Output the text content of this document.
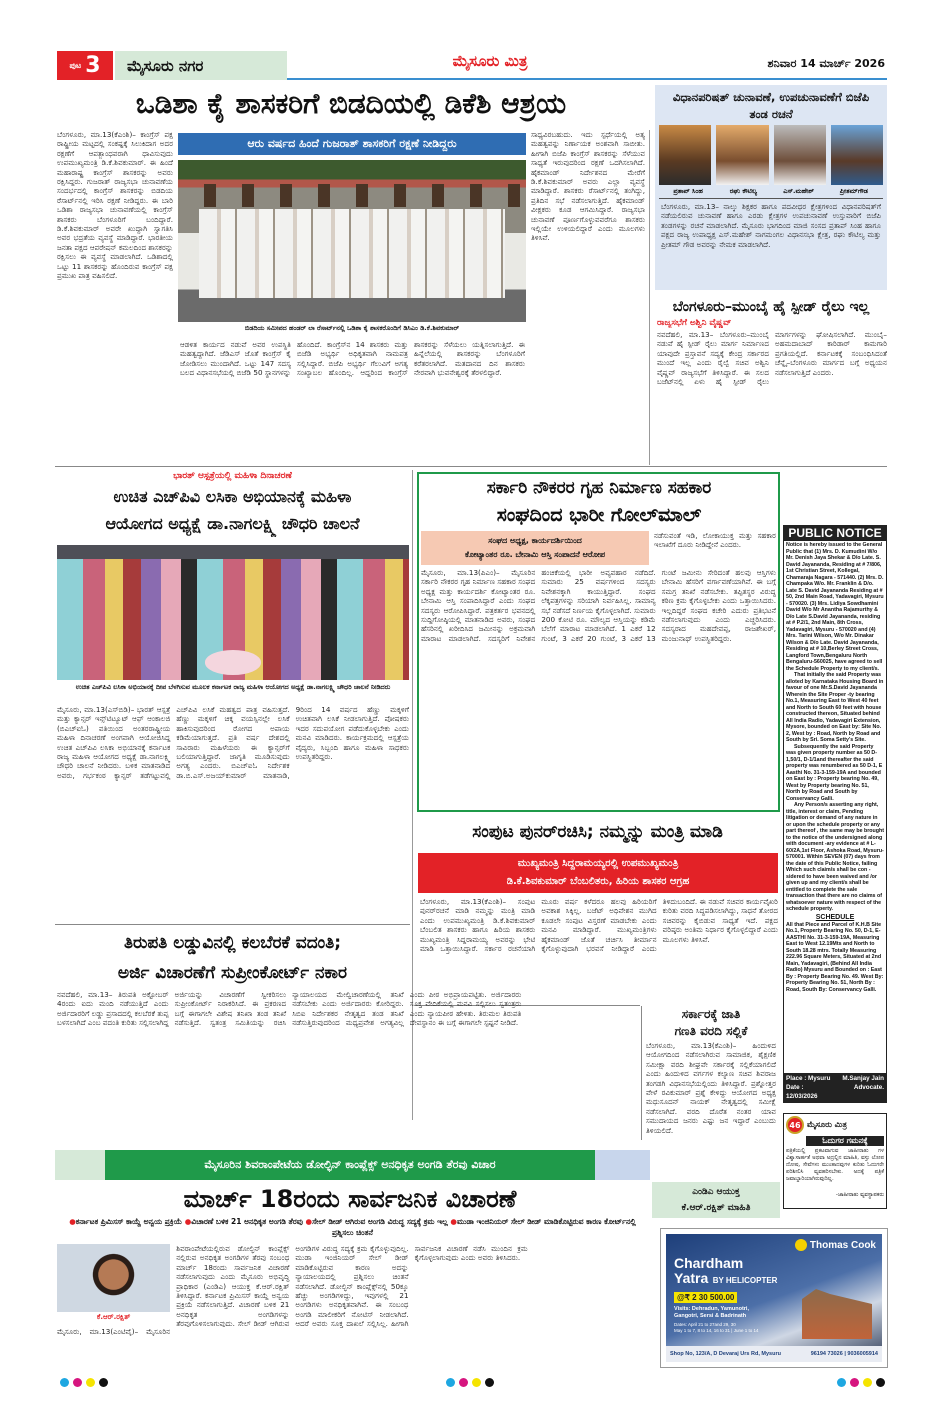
ಪುಟ 3 ಮೈಸೂರು ನಗರ	ಮೈಸೂರು ಮಿತ್ರ	ಶನಿವಾರ 14 ಮಾರ್ಚ್ 2026
ಒಡಿಶಾ ಕೈ ಶಾಸಕರಿಗೆ ಬಿಡದಿಯಲ್ಲಿ ಡಿಕೆಶಿ ಆಶ್ರಯ
ಬೆಂಗಳೂರು, ಮಾ.13(ಕೆಎಂಶಿ)– ಕಾಂಗ್ರೆಸ್ ಪಕ್ಷ ರಾಷ್ಟ್ರೀಯ ಮಟ್ಟದಲ್ಲಿ ಸಂಕಷ್ಟಕ್ಕೆ ಸಿಲುಕಿದಾಗ ಅದರ ರಕ್ಷಣೆಗೆ ಆಪತ್ಬಾಂಧವರಾಗಿ ಧಾವಿಸುವುದು ಉಪಮುಖ್ಯಮಂತ್ರಿ ಡಿ.ಕೆ.ಶಿವಕುಮಾರ್. ಈ ಹಿಂದೆ ಮಹಾರಾಷ್ಟ್ರ ಕಾಂಗ್ರೆಸ್ ಶಾಸಕರನ್ನು ಅವರು ರಕ್ಷಿಸಿದ್ದರು. ಗುಜರಾತ್ ರಾಜ್ಯಸಭಾ ಚುನಾವಣೆಯ ಸಂದರ್ಭದಲ್ಲಿ ಕಾಂಗ್ರೆಸ್ ಶಾಸಕರನ್ನು ಬಿಡದಿಯ ರೆಸಾರ್ಟ್‌ನಲ್ಲಿ ಇರಿಸಿ ರಕ್ಷಣೆ ನೀಡಿದ್ದರು. ಈ ಬಾರಿ ಒಡಿಶಾ ರಾಜ್ಯಸಭಾ ಚುನಾವಣೆಯಲ್ಲಿ ಕಾಂಗ್ರೆಸ್ ಶಾಸಕರು ಬೆಂಗಳೂರಿಗೆ ಬಂದಿದ್ದಾರೆ. ಡಿ.ಕೆ.ಶಿವಕುಮಾರ್ ಅವರೇ ಖುದ್ದಾಗಿ ಸ್ವಾಗತಿಸಿ ಅವರ ಭದ್ರತೆಯ ವ್ಯವಸ್ಥೆ ಮಾಡಿದ್ದಾರೆ. ಭಾರತೀಯ ಜನತಾ ಪಕ್ಷದ ಆಪರೇಷನ್ ಕಮಲದಿಂದ ಶಾಸಕರನ್ನು ರಕ್ಷಿಸಲು ಈ ವ್ಯವಸ್ಥೆ ಮಾಡಲಾಗಿದೆ. ಒಡಿಶಾದಲ್ಲಿ ಒಟ್ಟು 11 ಶಾಸಕರನ್ನು ಹೊಂದಿರುವ ಕಾಂಗ್ರೆಸ್ ಪಕ್ಷ ಪ್ರಮುಖ ಪಾತ್ರ ವಹಿಸಲಿದೆ.
ಆರು ವರ್ಷದ ಹಿಂದೆ ಗುಜರಾತ್ ಶಾಸಕರಿಗೆ ರಕ್ಷಣೆ ನೀಡಿದ್ದರು
ಬಿಡದಿಯ ಸಮೀಪದ ಹಂಡರ್ ಲಾ ರೆಸಾರ್ಟ್‌ನಲ್ಲಿ ಒಡಿಶಾ ಕೈ ಶಾಸಕರೊಂದಿಗೆ ಡಿಸಿಎಂ ಡಿ.ಕೆ.ಶಿವಕುಮಾರ್
ಆಡಳಿತ ಕಾರ್ಯದ ನಡುವೆ ಅವರ ಉಪಸ್ಥಿತಿ ಮಹತ್ವದ್ದಾಗಿದೆ. ಜೆಡಿಎಸ್ ಜೊತೆ ಕಾಂಗ್ರೆಸ್ ಕೈ ಜೋಡಿಸಲು ಮುಂದಾಗಿದೆ. ಒಟ್ಟು 147 ಸದಸ್ಯ ಬಲದ ವಿಧಾನಸಭೆಯಲ್ಲಿ ಬಿಜೆಡಿ 50 ಸ್ಥಾನಗಳನ್ನು ಹೊಂದಿದೆ. ಕಾಂಗ್ರೆಸ್‌ನ 14 ಶಾಸಕರು ಮತ್ತು ಬಿಜೆಡಿ ಅಭ್ಯರ್ಥಿ ಅಧಿಕೃತವಾಗಿ ನಾಮಪತ್ರ ಸಲ್ಲಿಸಿದ್ದಾರೆ. ಬಿಜೆಪಿ ಅಭ್ಯರ್ಥಿ ಗೆಲುವಿಗೆ ಅಗತ್ಯ ಸಂಖ್ಯಾಬಲ ಹೊಂದಿಲ್ಲ. ಆದ್ದರಿಂದ ಕಾಂಗ್ರೆಸ್ ಶಾಸಕರನ್ನು ಸೆಳೆಯಲು ಯತ್ನಿಸಲಾಗುತ್ತಿದೆ. ಈ ಹಿನ್ನೆಲೆಯಲ್ಲಿ ಶಾಸಕರನ್ನು ಬೆಂಗಳೂರಿಗೆ ಕರೆತರಲಾಗಿದೆ. ಮತದಾನದ ದಿನ ಶಾಸಕರು ನೇರವಾಗಿ ಭುವನೇಶ್ವರಕ್ಕೆ ತೆರಳಲಿದ್ದಾರೆ.
ಸಾಧ್ಯವಿರಬಹುದು. ಇದು ಸ್ಪರ್ಧೆಯಲ್ಲಿ ಅತ್ಯ ಮಹತ್ವವನ್ನು ನಿರ್ಣಾಯಕ ಅಂಶವಾಗಿ ಸಾಬೀತು. ಹೀಗಾಗಿ ಬಿಜೆಪಿ ಕಾಂಗ್ರೆಸ್ ಶಾಸಕರನ್ನು ಸೆಳೆಯುವ ಸಾಧ್ಯತೆ ಇರುವುದರಿಂದ ರಕ್ಷಣೆ ಒದಗಿಸಲಾಗಿದೆ. ಹೈಕಮಾಂಡ್ ನಿರ್ದೇಶನದ ಮೇರೆಗೆ ಡಿ.ಕೆ.ಶಿವಕುಮಾರ್ ಅವರು ಎಲ್ಲಾ ವ್ಯವಸ್ಥೆ ಮಾಡಿದ್ದಾರೆ. ಶಾಸಕರು ರೆಸಾರ್ಟ್‌ನಲ್ಲಿ ತಂಗಿದ್ದು, ಪ್ರತಿದಿನ ಸಭೆ ನಡೆಸಲಾಗುತ್ತಿದೆ. ಹೈಕಮಾಂಡ್ ವೀಕ್ಷಕರು ಕೂಡ ಆಗಮಿಸಿದ್ದಾರೆ. ರಾಜ್ಯಸಭಾ ಚುನಾವಣೆ ಪೂರ್ಣಗೊಳ್ಳುವವರೆಗೂ ಶಾಸಕರು ಇಲ್ಲಿಯೇ ಉಳಿಯಲಿದ್ದಾರೆ ಎಂದು ಮೂಲಗಳು ತಿಳಿಸಿವೆ.
ವಿಧಾನಪರಿಷತ್ ಚುನಾವಣೆ, ಉಪಚುನಾವಣೆಗೆ ಬಿಜೆಪಿ ತಂಡ ರಚನೆ
ಪ್ರತಾಪ್ ಸಿಂಹ	ರಘು ಕೌಟಿಲ್ಯ	ಎಸ್.ಮಹೇಶ್	ಪ್ರೀತಮ್‌ಗೌಡ
ಬೆಂಗಳೂರು, ಮಾ.13– ನಾಲ್ಕು ಶಿಕ್ಷಕರ ಹಾಗೂ ಪದವೀಧರ ಕ್ಷೇತ್ರಗಳಿಂದ ವಿಧಾನಪರಿಷತ್‌ಗೆ ನಡೆಯಲಿರುವ ಚುನಾವಣೆ ಹಾಗೂ ಎರಡು ಕ್ಷೇತ್ರಗಳ ಉಪಚುನಾವಣೆ ಉಸ್ತುವಾರಿಗೆ ಬಿಜೆಪಿ ತಂಡಗಳನ್ನು ರಚನೆ ಮಾಡಲಾಗಿದೆ. ಮೈಸೂರು ಭಾಗದಿಂದ ಮಾಜಿ ಸಂಸದ ಪ್ರತಾಪ್ ಸಿಂಹ ಹಾಗೂ ಪಕ್ಷದ ರಾಜ್ಯ ಉಪಾಧ್ಯಕ್ಷ ಎಸ್.ಮಹೇಶ್ ನಾಗಮಂಗಲ ವಿಧಾನಸಭಾ ಕ್ಷೇತ್ರ, ರಘು ಕೌಟಿಲ್ಯ ಮತ್ತು ಪ್ರೀತಮ್ ಗೌಡ ಅವರನ್ನು ನೇಮಕ ಮಾಡಲಾಗಿದೆ.
ಬೆಂಗಳೂರು–ಮುಂಬೈ ಹೈ ಸ್ಪೀಡ್ ರೈಲು ಇಲ್ಲ
ರಾಜ್ಯಸಭೆಗೆ ಅಶ್ವಿನಿ ವೈಷ್ಣವ್
ನವದೆಹಲಿ, ಮಾ.13– ಬೆಂಗಳೂರು–ಮುಂಬೈ ನಡುವೆ ಹೈ ಸ್ಪೀಡ್ ರೈಲು ಮಾರ್ಗ ನಿರ್ಮಾಣದ ಯಾವುದೇ ಪ್ರಸ್ತಾವನೆ ಸದ್ಯಕ್ಕೆ ಕೇಂದ್ರ ಸರ್ಕಾರದ ಮುಂದೆ ಇಲ್ಲ ಎಂದು ರೈಲ್ವೆ ಸಚಿವ ಅಶ್ವಿನಿ ವೈಷ್ಣವ್ ರಾಜ್ಯಸಭೆಗೆ ತಿಳಿಸಿದ್ದಾರೆ. ಈ ಸಲದ ಬಜೆಟ್‌ನಲ್ಲಿ ಏಳು ಹೈ ಸ್ಪೀಡ್ ರೈಲು ಮಾರ್ಗಗಳನ್ನು ಘೋಷಿಸಲಾಗಿದೆ. ಮುಂಬೈ–ಅಹಮದಾಬಾದ್ ಕಾರಿಡಾರ್ ಕಾಮಗಾರಿ ಪ್ರಗತಿಯಲ್ಲಿದೆ. ಕರ್ನಾಟಕಕ್ಕೆ ಸಂಬಂಧಿಸಿದಂತೆ ಚೆನ್ನೈ–ಬೆಂಗಳೂರು ಮಾರ್ಗದ ಬಗ್ಗೆ ಅಧ್ಯಯನ ನಡೆಸಲಾಗುತ್ತಿದೆ ಎಂದರು.
ಭಾರತ್ ಆಸ್ಪತ್ರೆಯಲ್ಲಿ ಮಹಿಳಾ ದಿನಾಚರಣೆ
ಉಚಿತ ಎಚ್‌ಪಿವಿ ಲಸಿಕಾ ಅಭಿಯಾನಕ್ಕೆ ಮಹಿಳಾ
ಆಯೋಗದ ಅಧ್ಯಕ್ಷೆ ಡಾ.ನಾಗಲಕ್ಷ್ಮಿ ಚೌಧರಿ ಚಾಲನೆ
ಉಚಿತ ಎಚ್‌ಪಿವಿ ಲಸಿಕಾ ಅಭಿಯಾನಕ್ಕೆ ದೀಪ ಬೆಳಗಿಸುವ ಮೂಲಕ ಕರ್ನಾಟಕ ರಾಜ್ಯ ಮಹಿಳಾ ಆಯೋಗದ ಅಧ್ಯಕ್ಷೆ ಡಾ.ನಾಗಲಕ್ಷ್ಮಿ ಚೌಧರಿ ಚಾಲನೆ ನೀಡಿದರು
ಮೈಸೂರು, ಮಾ.13(ಎಸ್‌ಬಿಡಿ)– ಭಾರತ್ ಆಸ್ಪತ್ರೆ ಮತ್ತು ಕ್ಯಾನ್ಸರ್ ಇನ್ಸ್‌ಟಿಟ್ಯೂಟ್ ಆಫ್ ಆಂಕಾಲಜಿ (ಬಿಎಚ್‌ಐಓ) ವತಿಯಿಂದ ಅಂತರರಾಷ್ಟ್ರೀಯ ಮಹಿಳಾ ದಿನಾಚರಣೆ ಅಂಗವಾಗಿ ಆಯೋಜಿಸಿದ್ದ ಉಚಿತ ಎಚ್‌ಪಿವಿ ಲಸಿಕಾ ಅಭಿಯಾನಕ್ಕೆ ಕರ್ನಾಟಕ ರಾಜ್ಯ ಮಹಿಳಾ ಆಯೋಗದ ಅಧ್ಯಕ್ಷೆ ಡಾ.ನಾಗಲಕ್ಷ್ಮಿ ಚೌಧರಿ ಚಾಲನೆ ನೀಡಿದರು. ಬಳಿಕ ಮಾತನಾಡಿದ ಅವರು, ಗರ್ಭಕಂಠ ಕ್ಯಾನ್ಸರ್ ತಡೆಗಟ್ಟುವಲ್ಲಿ ಎಚ್‌ಪಿವಿ ಲಸಿಕೆ ಮಹತ್ವದ ಪಾತ್ರ ವಹಿಸುತ್ತದೆ. ಹೆಣ್ಣು ಮಕ್ಕಳಿಗೆ ಚಿಕ್ಕ ವಯಸ್ಸಿನಲ್ಲೇ ಲಸಿಕೆ ಹಾಕಿಸುವುದರಿಂದ ರೋಗದ ಅಪಾಯ ಕಡಿಮೆಯಾಗುತ್ತದೆ. ಪ್ರತಿ ವರ್ಷ ದೇಶದಲ್ಲಿ ಸಾವಿರಾರು ಮಹಿಳೆಯರು ಈ ಕ್ಯಾನ್ಸರ್‌ಗೆ ಬಲಿಯಾಗುತ್ತಿದ್ದಾರೆ. ಜಾಗೃತಿ ಮೂಡಿಸುವುದು ಅಗತ್ಯ ಎಂದರು. ಬಿಎಚ್‌ಐಓ ನಿರ್ದೇಶಕ ಡಾ.ಬಿ.ಎಸ್.ಅಜಯ್‌ಕುಮಾರ್ ಮಾತನಾಡಿ, 9ರಿಂದ 14 ವರ್ಷದ ಹೆಣ್ಣು ಮಕ್ಕಳಿಗೆ ಉಚಿತವಾಗಿ ಲಸಿಕೆ ನೀಡಲಾಗುತ್ತಿದೆ. ಪೋಷಕರು ಇದರ ಸದುಪಯೋಗ ಪಡೆದುಕೊಳ್ಳಬೇಕು ಎಂದು ಮನವಿ ಮಾಡಿದರು. ಕಾರ್ಯಕ್ರಮದಲ್ಲಿ ಆಸ್ಪತ್ರೆಯ ವೈದ್ಯರು, ಸಿಬ್ಬಂದಿ ಹಾಗೂ ಮಹಿಳಾ ಸಾಧಕರು ಉಪಸ್ಥಿತರಿದ್ದರು.
ಸರ್ಕಾರಿ ನೌಕರರ ಗೃಹ ನಿರ್ಮಾಣ ಸಹಕಾರ
ಸಂಘದಿಂದ ಭಾರೀ ಗೋಲ್‌ಮಾಲ್
ಸಂಘದ ಅಧ್ಯಕ್ಷ, ಕಾರ್ಯದರ್ಶಿಯಿಂದ
ಕೋಟ್ಯಾಂತರ ರೂ. ಬೇನಾಮಿ ಆಸ್ತಿ ಸಂಪಾದನೆ ಆರೋಪ
ನಡೆಸುವಂತೆ ಇಡಿ, ಲೋಕಾಯುಕ್ತ ಮತ್ತು ಸಹಕಾರ ಇಲಾಖೆಗೆ ದೂರು ನೀಡಿದ್ದೇನೆ ಎಂದರು.
ಮೈಸೂರು, ಮಾ.13(ಪಿಎಂ)– ಮೈಸೂರಿನ ಸರ್ಕಾರಿ ನೌಕರರ ಗೃಹ ನಿರ್ಮಾಣ ಸಹಕಾರ ಸಂಘದ ಅಧ್ಯಕ್ಷ ಮತ್ತು ಕಾರ್ಯದರ್ಶಿ ಕೋಟ್ಯಾಂತರ ರೂ. ಬೇನಾಮಿ ಆಸ್ತಿ ಸಂಪಾದಿಸಿದ್ದಾರೆ ಎಂದು ಸಂಘದ ಸದಸ್ಯರು ಆರೋಪಿಸಿದ್ದಾರೆ. ಪತ್ರಕರ್ತರ ಭವನದಲ್ಲಿ ಸುದ್ದಿಗೋಷ್ಠಿಯಲ್ಲಿ ಮಾತನಾಡಿದ ಅವರು, ಸಂಘದ ಹೆಸರಿನಲ್ಲಿ ಖರೀದಿಸಿದ ಜಮೀನನ್ನು ಅಕ್ರಮವಾಗಿ ಮಾರಾಟ ಮಾಡಲಾಗಿದೆ. ಸದಸ್ಯರಿಗೆ ನಿವೇಶನ ಹಂಚಿಕೆಯಲ್ಲಿ ಭಾರೀ ಅವ್ಯವಹಾರ ನಡೆದಿದೆ. ಸುಮಾರು 25 ವರ್ಷಗಳಿಂದ ಸದಸ್ಯರು ನಿವೇಶನಕ್ಕಾಗಿ ಕಾಯುತ್ತಿದ್ದಾರೆ. ಸಂಘದ ಲೆಕ್ಕಪತ್ರಗಳನ್ನು ಸರಿಯಾಗಿ ನಿರ್ವಹಿಸಿಲ್ಲ. ಸಾಮಾನ್ಯ ಸಭೆ ನಡೆಸದೆ ನಿರ್ಣಯ ಕೈಗೊಳ್ಳಲಾಗಿದೆ. ಸುಮಾರು 200 ಕೋಟಿ ರೂ. ಮೌಲ್ಯದ ಆಸ್ತಿಯನ್ನು ಕಡಿಮೆ ಬೆಲೆಗೆ ಮಾರಾಟ ಮಾಡಲಾಗಿದೆ. 1 ಎಕರೆ 12 ಗುಂಟೆ, 3 ಎಕರೆ 20 ಗುಂಟೆ, 3 ಎಕರೆ 13 ಗುಂಟೆ ಜಮೀನು ಸೇರಿದಂತೆ ಹಲವು ಆಸ್ತಿಗಳು ಬೇನಾಮಿ ಹೆಸರಿಗೆ ವರ್ಗಾವಣೆಯಾಗಿವೆ. ಈ ಬಗ್ಗೆ ಸಮಗ್ರ ತನಿಖೆ ನಡೆಸಬೇಕು. ತಪ್ಪಿತಸ್ಥರ ವಿರುದ್ಧ ಕಠಿಣ ಕ್ರಮ ಕೈಗೊಳ್ಳಬೇಕು ಎಂದು ಒತ್ತಾಯಿಸಿದರು. ಇಲ್ಲದಿದ್ದರೆ ಸಂಘದ ಕಚೇರಿ ಎದುರು ಪ್ರತಿಭಟನೆ ನಡೆಸಲಾಗುವುದು ಎಂದು ಎಚ್ಚರಿಸಿದರು. ಸದಸ್ಯರಾದ ಮಹದೇವಪ್ಪ, ರಾಜಶೇಖರ್, ಮಂಜುನಾಥ್ ಉಪಸ್ಥಿತರಿದ್ದರು.
PUBLIC NOTICE

Notice is hereby issued to the General Public that (1) Mrs. D. Kumudini W/o Mr. Denish Jaya Shekar & D/o Late. S. David Jayananda, Residing at # 7/806, 1st Christian Street, Kollegal, Chamaraja Nagara - 571440. (2) Mrs. D. Champaka W/o. Mr. Franklin & D/o. Late S. David Jayananda Residing at # 50, 2nd Main Road, Yadavagiri, Mysuru - 570020. (3) Mrs. Lidiya Sowdhamini David W/o Mr Anantha Rajamurthy & D/o Late S.David Jayananda, residing at # P.2/1, 2nd Main, 8th Cross, Yadavagiri, Mysuru - 570020 and (4) Mrs. Tarini Wilson, W/o Mr. Dinakar Wilson & D/o Late. David Jayananda, Residing at # 10,Berley Street Cross, Langford Town,Bengaluru North Bengaluru-560025, have agreed to sell the Schedule Property to my client/s.

That initially the said Property was alloted by Karnataka Housing Board in favour of one Mr.S.David Jayananda Wherein the Site Proper -ty bearing No.1, Measuring East to West 40 feet and North to South 60 feet with house constructed thereon, Situated behind All India Radio, Yadavagiri Extension, Mysore, bounded on East by: Site No. 2, West by : Road, North by Road and South by Sri. Soma Setty's Site.

Subsequently the said Property was given property number as 50 D-1,50/1, D-1/1and thereafter the said property was renumbered as 50 D-1, E Aasthi No. 31-3-159-19A and bounded on East by : Property bearing No. 49, West by Property bearing No. 51, North by Road and South by Conservancy Galli.

Any Person/s asserting any right, title, interest or claim, Pending litigation or demand of any nature in or upon the schedule property or any part thereof , the same may be brought to the notice of the undersigned along with document -ary evidence at # L-60/2A,1st Floor, Ashoka Road, Mysuru-570001. Within SEVEN (07) days from the date of this Public Notice, failing Which such claim/s shall be con -sidered to have been waived and /or given up and my client/s shall be entitled to complete the sale transaction that there are no claims of whatsoever nature with respect of the schedule property.

SCHEDULE

All that Piece and Parcel of K.H.B Site No.1, Property Bearing No. 50, D-1, E-AASTHI No. 31-3-159-19A, Measuring East to West 12.19Mts and North to South 18.28 mtrs. Totally Measuring 222.96 Square Meters, Situated at 2nd Main, Yadavagiri, (Behind All India Radio) Mysuru and Bounded on : East By : Property Bearing No. 49. West By: Property Bearing No. 51, North By : Road, South By: Conservancy Galli.

Place : Mysuru	M.Sanjay Jain
Date : 12/03/2026
Advocate.
ಸಂಪುಟ ಪುನರ್‌ರಚಿಸಿ; ನಮ್ಮನ್ನು ಮಂತ್ರಿ ಮಾಡಿ
ಮುಖ್ಯಮಂತ್ರಿ ಸಿದ್ದರಾಮಯ್ಯರಲ್ಲಿ ಉಪಮುಖ್ಯಮಂತ್ರಿ
ಡಿ.ಕೆ.ಶಿವಕುಮಾರ್ ಬೆಂಬಲಿತರು, ಹಿರಿಯ ಶಾಸಕರ ಆಗ್ರಹ
ಬೆಂಗಳೂರು, ಮಾ.13(ಕೆಎಂಶಿ)– ಸಂಪುಟ ಪುನರ್‌ರಚನೆ ಮಾಡಿ ನಮ್ಮನ್ನು ಮಂತ್ರಿ ಮಾಡಿ ಎಂದು ಉಪಮುಖ್ಯಮಂತ್ರಿ ಡಿ.ಕೆ.ಶಿವಕುಮಾರ್ ಬೆಂಬಲಿತ ಶಾಸಕರು ಹಾಗೂ ಹಿರಿಯ ಶಾಸಕರು ಮುಖ್ಯಮಂತ್ರಿ ಸಿದ್ದರಾಮಯ್ಯ ಅವರನ್ನು ಭೇಟಿ ಮಾಡಿ ಒತ್ತಾಯಿಸಿದ್ದಾರೆ. ಸರ್ಕಾರ ರಚನೆಯಾಗಿ ಮೂರು ವರ್ಷ ಕಳೆದರೂ ಹಲವು ಹಿರಿಯರಿಗೆ ಅವಕಾಶ ಸಿಕ್ಕಿಲ್ಲ. ಬಜೆಟ್ ಅಧಿವೇಶನ ಮುಗಿದ ಕೂಡಲೇ ಸಂಪುಟ ವಿಸ್ತರಣೆ ಮಾಡಬೇಕು ಎಂದು ಮನವಿ ಮಾಡಿದ್ದಾರೆ. ಮುಖ್ಯಮಂತ್ರಿಗಳು ಹೈಕಮಾಂಡ್ ಜೊತೆ ಚರ್ಚಿಸಿ ತೀರ್ಮಾನ ಕೈಗೊಳ್ಳುವುದಾಗಿ ಭರವಸೆ ನೀಡಿದ್ದಾರೆ ಎಂದು ತಿಳಿದುಬಂದಿದೆ. ಈ ನಡುವೆ ಸಚಿವರ ಕಾರ್ಯವೈಖರಿ ಕುರಿತು ವರದಿ ಸಿದ್ಧಪಡಿಸಲಾಗಿದ್ದು, ಸಾಧನೆ ತೋರದ ಸಚಿವರನ್ನು ಕೈಬಿಡುವ ಸಾಧ್ಯತೆ ಇದೆ. ಪಕ್ಷದ ವರಿಷ್ಠರು ಅಂತಿಮ ನಿರ್ಧಾರ ಕೈಗೊಳ್ಳಲಿದ್ದಾರೆ ಎಂದು ಮೂಲಗಳು ತಿಳಿಸಿವೆ.
ತಿರುಪತಿ ಲಡ್ಡುವಿನಲ್ಲಿ ಕಲಬೆರಕೆ ವದಂತಿ;
ಅರ್ಜಿ ವಿಚಾರಣೆಗೆ ಸುಪ್ರೀಂಕೋರ್ಟ್ ನಕಾರ
ನವದೆಹಲಿ, ಮಾ.13– ತಿರುಪತಿ ಅಕ್ಟೋಬರ್ 4ರಂದು ಐದು ಮಂದಿ ನಡೆಯುತ್ತಿದೆ ಎಂದು ಅರ್ಜಿದಾರರಿಗೆ ಲಡ್ಡು ಪ್ರಸಾದದಲ್ಲಿ ಕಲಬೆರಕೆ ತುಪ್ಪ ಬಳಸಲಾಗಿದೆ ಎಂಬ ವದಂತಿ ಕುರಿತು ಸಲ್ಲಿಸಲಾಗಿದ್ದ ಅರ್ಜಿಯನ್ನು ವಿಚಾರಣೆಗೆ ಸ್ವೀಕರಿಸಲು ಸುಪ್ರೀಂಕೋರ್ಟ್ ನಿರಾಕರಿಸಿದೆ. ಈ ಪ್ರಕರಣದ ಬಗ್ಗೆ ಈಗಾಗಲೇ ವಿಶೇಷ ತನಿಖಾ ತಂಡ ತನಿಖೆ ನಡೆಸುತ್ತಿದೆ. ಸ್ವತಂತ್ರ ಸಮಿತಿಯನ್ನು ರಚಿಸಿ ನ್ಯಾಯಾಲಯದ ಮೇಲ್ವಿಚಾರಣೆಯಲ್ಲಿ ತನಿಖೆ ನಡೆಸಬೇಕು ಎಂದು ಅರ್ಜಿದಾರರು ಕೋರಿದ್ದರು. ಸಿಬಿಐ ನಿರ್ದೇಶಕರ ನೇತೃತ್ವದ ತಂಡ ತನಿಖೆ ನಡೆಸುತ್ತಿರುವುದರಿಂದ ಮಧ್ಯಪ್ರವೇಶ ಅಗತ್ಯವಿಲ್ಲ ಎಂದು ಪೀಠ ಅಭಿಪ್ರಾಯಪಟ್ಟಿತು. ಅರ್ಜಿದಾರರು ಸೂಕ್ತ ವೇದಿಕೆಯಲ್ಲಿ ಮನವಿ ಸಲ್ಲಿಸಲು ಸ್ವತಂತ್ರರು ಎಂದು ನ್ಯಾಯಪೀಠ ಹೇಳಿತು. ತಿರುಮಲ ತಿರುಪತಿ ದೇವಸ್ಥಾನಂ ಈ ಬಗ್ಗೆ ಈಗಾಗಲೇ ಸ್ಪಷ್ಟನೆ ನೀಡಿದೆ.
ಸರ್ಕಾರಕ್ಕೆ ಜಾತಿ
ಗಣತಿ ವರದಿ ಸಲ್ಲಿಕೆ
ಬೆಂಗಳೂರು, ಮಾ.13(ಕೆಎಂಶಿ)– ಹಿಂದುಳಿದ ಆಯೋಗದಿಂದ ನಡೆಸಲಾಗಿರುವ ಸಾಮಾಜಿಕ, ಶೈಕ್ಷಣಿಕ ಸಮೀಕ್ಷಾ ವರದಿ ಶೀಘ್ರವೇ ಸರ್ಕಾರಕ್ಕೆ ಸಲ್ಲಿಕೆಯಾಗಲಿದೆ ಎಂದು ಹಿಂದುಳಿದ ವರ್ಗಗಳ ಕಲ್ಯಾಣ ಸಚಿವ ಶಿವರಾಜ ತಂಗಡಗಿ ವಿಧಾನಸಭೆಯಲ್ಲಿಂದು ತಿಳಿಸಿದ್ದಾರೆ. ಪ್ರಶ್ನೋತ್ತರ ವೇಳೆ ರವಿಕುಮಾರ್ ಪ್ರಶ್ನೆ ಕೇಳಿದ್ದು ಆಯೋಗದ ಅಧ್ಯಕ್ಷ ಮಧುಸೂದನ್ ನಾಯಕ್ ನೇತೃತ್ವದಲ್ಲಿ ಸಮೀಕ್ಷೆ ನಡೆಸಲಾಗಿದೆ. ವರದಿ ದೊರೆತ ನಂತರ ಯಾವ ಸಮುದಾಯದ ಜನರು ಎಷ್ಟು ಜನ ಇದ್ದಾರೆ ಎಂಬುದು ತಿಳಿಯಲಿದೆ.
46 ಮೈಸೂರು ಮಿತ್ರ
ಓದುಗರ ಗಮನಕ್ಕೆ
ಪತ್ರಿಕೆಯಲ್ಲಿ ಪ್ರಕಟವಾಗುವ ಜಾಹೀರಾತು ಗಳ ವಿಶ್ವಾಸಾರ್ಹತೆ ಅಥವಾ ಅದ್ರಲ್ಲಿನ ಮಾಹಿತಿ, ವಸ್ತು ಲೋಪ ದೋಷ, ಸೇವೆಗಳು ಮುಂತಾದವುಗಳ ಕುರಿತು ಓದುಗರೇ ಪರಿಶೀಲಿಸಿ ವ್ಯವಹರಿಸಬೇಕು. ಅದಕ್ಕೆ ಪತ್ರಿಕೆ ಜವಾಬ್ದಾರಿಯಾಗಿರುವುದಿಲ್ಲ.
-ಜಾಹೀರಾತು ವ್ಯವಸ್ಥಾಪಕರು
ಮೈಸೂರಿನ ಶಿವರಾಂಪೇಟೆಯ ಡೋಲ್ಫಿನ್ ಕಾಂಪ್ಲೆಕ್ಸ್ ಅನಧಿಕೃತ ಅಂಗಡಿ ತೆರವು ವಿಚಾರ
ಮಾರ್ಚ್ 18ರಂದು ಸಾರ್ವಜನಿಕ ವಿಚಾರಣೆ
●ಕರ್ನಾಟಕ ಪ್ರಿಮಿಸಸ್ ಕಾಯ್ದೆ ಅನ್ವಯ ಪ್ರಕ್ರಿಯೆ ●ವಿಚಾರಣೆ ಬಳಿಕ 21 ಅನಧಿಕೃತ ಅಂಗಡಿ ತೆರವು ●ಸೇಲ್ ಡೀಡ್ ಆಗಿರುವ ಅಂಗಡಿ ವಿರುದ್ಧ ಸದ್ಯಕ್ಕೆ ಕ್ರಮ ಇಲ್ಲ ●ಮುಡಾ ಇಂಜಿನಿಯರ್ ಸೇಲ್ ಡೀಡ್ ಮಾಡಿಕೊಟ್ಟಿರುವ ಕಾರಣ ಕೋರ್ಟ್‌ನಲ್ಲಿ ಪ್ರಶ್ನಿಸಲು ಚಿಂತನೆ
ಎಂಡಿಎ ಆಯುಕ್ತ
ಕೆ.ಆರ್.ರಕ್ಷಿತ್ ಮಾಹಿತಿ
ಕೆ.ಆರ್.ರಕ್ಷಿತ್
ಮೈಸೂರು, ಮಾ.13(ಎಂಟಿವೈ)– ಮೈಸೂರಿನ ಶಿವರಾಂಪೇಟೆಯಲ್ಲಿರುವ ಡೋಲ್ಫಿನ್ ಕಾಂಪ್ಲೆಕ್ಸ್ ನಲ್ಲಿರುವ ಅನಧಿಕೃತ ಅಂಗಡಿಗಳ ತೆರವು ಸಂಬಂಧ ಮಾರ್ಚ್ 18ರಂದು ಸಾರ್ವಜನಿಕ ವಿಚಾರಣೆ ನಡೆಸಲಾಗುವುದು ಎಂದು ಮೈಸೂರು ಅಭಿವೃದ್ಧಿ ಪ್ರಾಧಿಕಾರ (ಎಂಡಿಎ) ಆಯುಕ್ತ ಕೆ.ಆರ್.ರಕ್ಷಿತ್ ತಿಳಿಸಿದ್ದಾರೆ. ಕರ್ನಾಟಕ ಪ್ರಿಮಿಸಸ್ ಕಾಯ್ದೆ ಅನ್ವಯ ಪ್ರಕ್ರಿಯೆ ನಡೆಸಲಾಗುತ್ತಿದೆ. ವಿಚಾರಣೆ ಬಳಿಕ 21 ಅನಧಿಕೃತ ಅಂಗಡಿಗಳನ್ನು ತೆರವುಗೊಳಿಸಲಾಗುವುದು. ಸೇಲ್ ಡೀಡ್ ಆಗಿರುವ ಅಂಗಡಿಗಳ ವಿರುದ್ಧ ಸದ್ಯಕ್ಕೆ ಕ್ರಮ ಕೈಗೊಳ್ಳುವುದಿಲ್ಲ. ಮುಡಾ ಇಂಜಿನಿಯರ್ ಸೇಲ್ ಡೀಡ್ ಮಾಡಿಕೊಟ್ಟಿರುವ ಕಾರಣ ಅದನ್ನು ನ್ಯಾಯಾಲಯದಲ್ಲಿ ಪ್ರಶ್ನಿಸಲು ಚಿಂತನೆ ನಡೆಸಲಾಗಿದೆ. ಡೋಲ್ಫಿನ್ ಕಾಂಪ್ಲೆಕ್ಸ್‌ನಲ್ಲಿ 50ಕ್ಕೂ ಹೆಚ್ಚು ಅಂಗಡಿಗಳಿದ್ದು, ಇವುಗಳಲ್ಲಿ 21 ಅಂಗಡಿಗಳು ಅನಧಿಕೃತವಾಗಿವೆ. ಈ ಸಂಬಂಧ ಅಂಗಡಿ ಮಾಲೀಕರಿಗೆ ನೋಟಿಸ್ ನೀಡಲಾಗಿದೆ. ಆದರೆ ಅವರು ಸೂಕ್ತ ದಾಖಲೆ ಸಲ್ಲಿಸಿಲ್ಲ. ಹೀಗಾಗಿ ಸಾರ್ವಜನಿಕ ವಿಚಾರಣೆ ನಡೆಸಿ ಮುಂದಿನ ಕ್ರಮ ಕೈಗೊಳ್ಳಲಾಗುವುದು ಎಂದು ಅವರು ತಿಳಿಸಿದರು.
Thomas Cook
Chardham
Yatra BY HELICOPTER
@₹ 2 30 500.00
Visits: Dehradun, Yamunotri, Gangotri, Sersi & Badrinath
Dates: April 21 to 27and 29, 30
May 1 to 7, 8 to 14, 16 to 31 | June 1 to 14
Shop No, 123/A, D Devaraj Urs Rd, Mysuru	96194 73026 | 9036005914
